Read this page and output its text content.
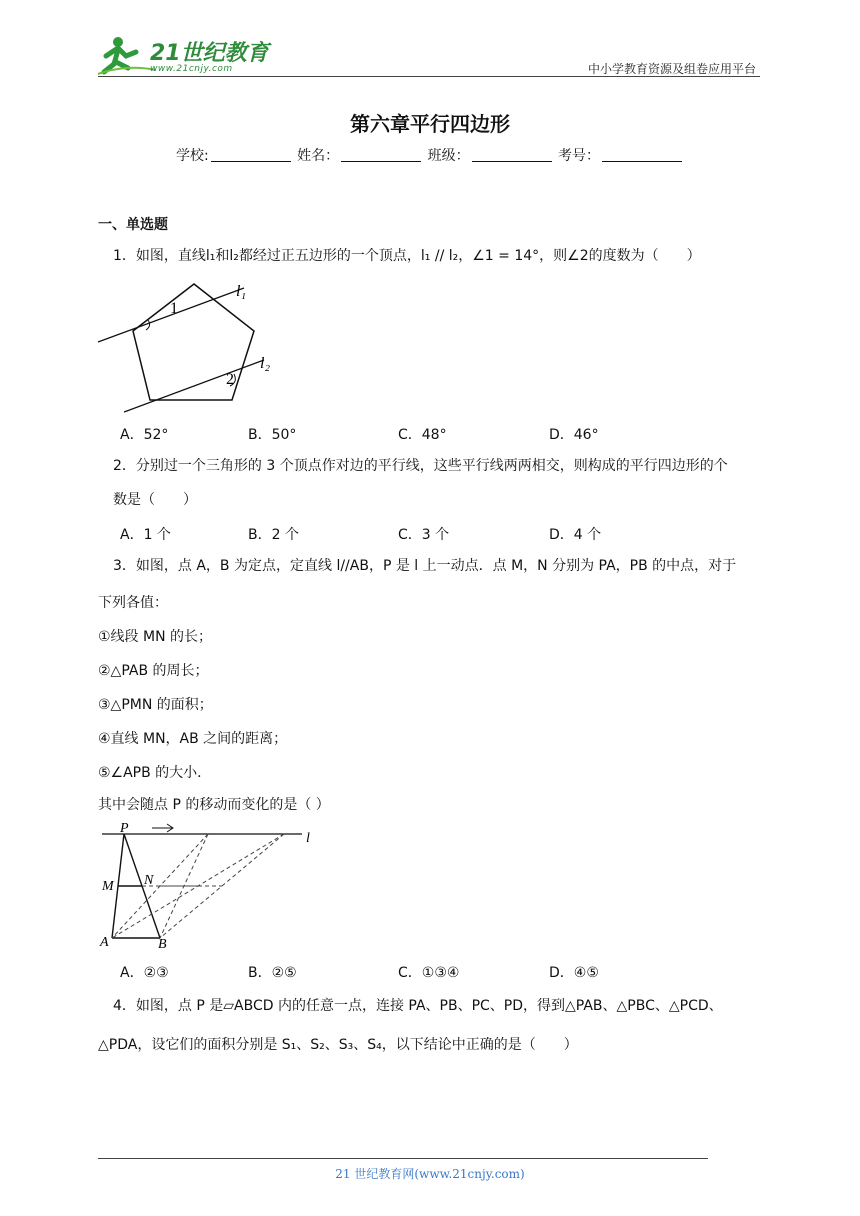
21世纪教育
www.21cnjy.com	中小学教育资源及组卷应用平台
第六章平行四边形
学校:	姓名：	班级：	考号：
一、单选题
1．如图，直线l₁和l₂都经过正五边形的一个顶点，l₁ // l₂，∠1 = 14°，则∠2的度数为（　　）
l₁
l₂
1
2
A．52°	B．50°	C．48°	D．46°
2．分别过一个三角形的 3 个顶点作对边的平行线，这些平行线两两相交，则构成的平行四边形的个
数是（　　）
A．1 个	B．2 个	C．3 个	D．4 个
3．如图，点 A，B 为定点，定直线 l//AB，P 是 l 上一动点．点 M，N 分别为 PA，PB 的中点，对于
下列各值：
①线段 MN 的长；
②△PAB 的周长；
③△PMN 的面积；
④直线 MN，AB 之间的距离；
⑤∠APB 的大小．
其中会随点 P 的移动而变化的是（ ）
P
l
M N
A	B
A．②③	B．②⑤	C．①③④	D．④⑤
4．如图，点 P 是▱ABCD 内的任意一点，连接 PA、PB、PC、PD，得到△PAB、△PBC、△PCD、
△PDA，设它们的面积分别是 S₁、S₂、S₃、S₄，以下结论中正确的是（　　）
21 世纪教育网(www.21cnjy.com)
